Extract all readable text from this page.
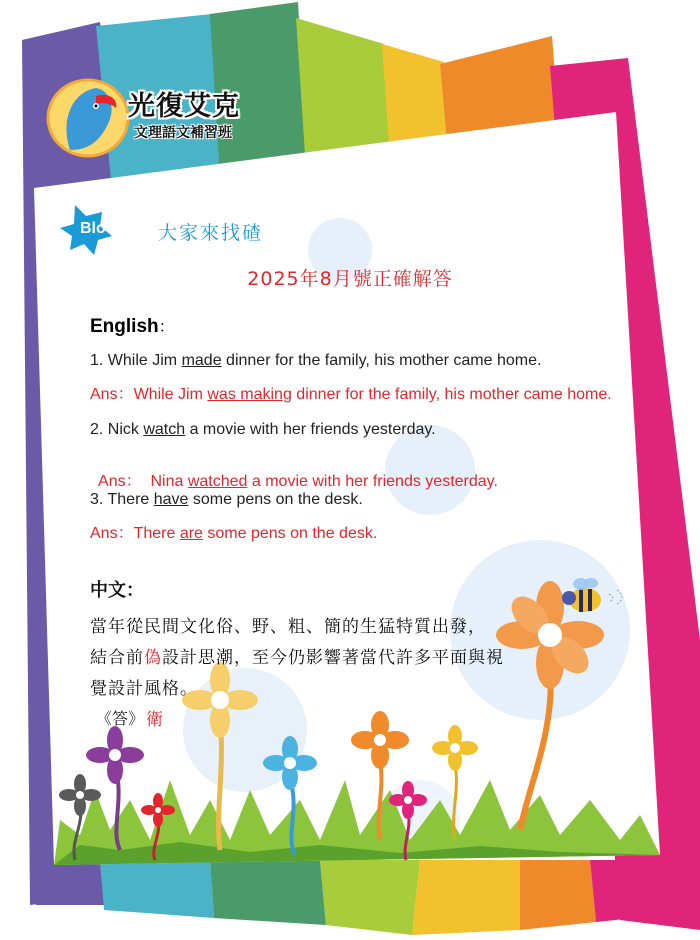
光復艾克
文理語文補習班
Bloopers 大家來找碴
2025年8月號正確解答
English：
1. While Jim made dinner for the family, his mother came home.
Ans：While Jim was making dinner for the family, his mother came home.
2. Nick watch a movie with her friends yesterday.

Ans：  Nina watched a movie with her friends yesterday.

3. There have some pens on the desk.
Ans：There are some pens on the desk.
中文：
當年從民間文化俗、野、粗、簡的生猛特質出發，
結合前偽設計思潮，至今仍影響著當代許多平面與視
覺設計風格。
《答》 衛
